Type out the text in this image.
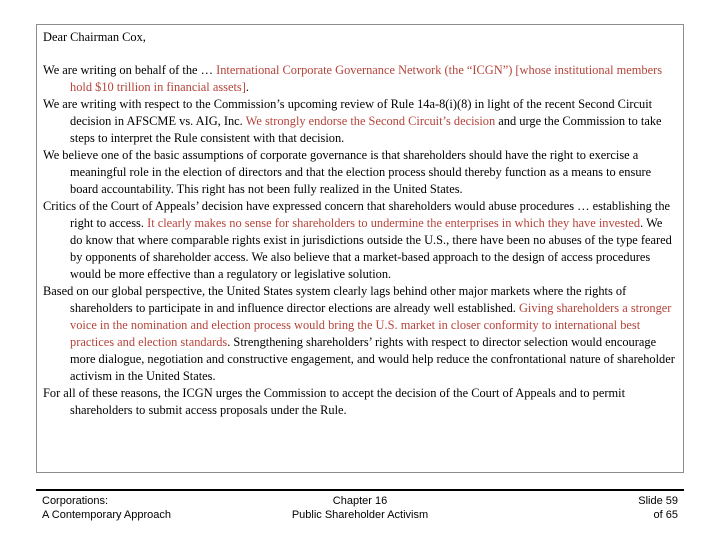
Dear Chairman Cox,

We are writing on behalf of the … International Corporate Governance Network (the “ICGN”) [whose institutional members hold $10 trillion in financial assets].

We are writing with respect to the Commission’s upcoming review of Rule 14a-8(i)(8) in light of the recent Second Circuit decision in AFSCME vs. AIG, Inc. We strongly endorse the Second Circuit’s decision and urge the Commission to take steps to interpret the Rule consistent with that decision.

We believe one of the basic assumptions of corporate governance is that shareholders should have the right to exercise a meaningful role in the election of directors and that the election process should thereby function as a means to ensure board accountability. This right has not been fully realized in the United States.

Critics of the Court of Appeals’ decision have expressed concern that shareholders would abuse procedures … establishing the right to access. It clearly makes no sense for shareholders to undermine the enterprises in which they have invested. We do know that where comparable rights exist in jurisdictions outside the U.S., there have been no abuses of the type feared by opponents of shareholder access. We also believe that a market-based approach to the design of access procedures would be more effective than a regulatory or legislative solution.

Based on our global perspective, the United States system clearly lags behind other major markets where the rights of shareholders to participate in and influence director elections are already well established. Giving shareholders a stronger voice in the nomination and election process would bring the U.S. market in closer conformity to international best practices and election standards. Strengthening shareholders’ rights with respect to director selection would encourage more dialogue, negotiation and constructive engagement, and would help reduce the confrontational nature of shareholder activism in the United States.

For all of these reasons, the ICGN urges the Commission to accept the decision of the Court of Appeals and to permit shareholders to submit access proposals under the Rule.

Corporations:
A Contemporary Approach
Chapter 16
Public Shareholder Activism
Slide 59
of 65
